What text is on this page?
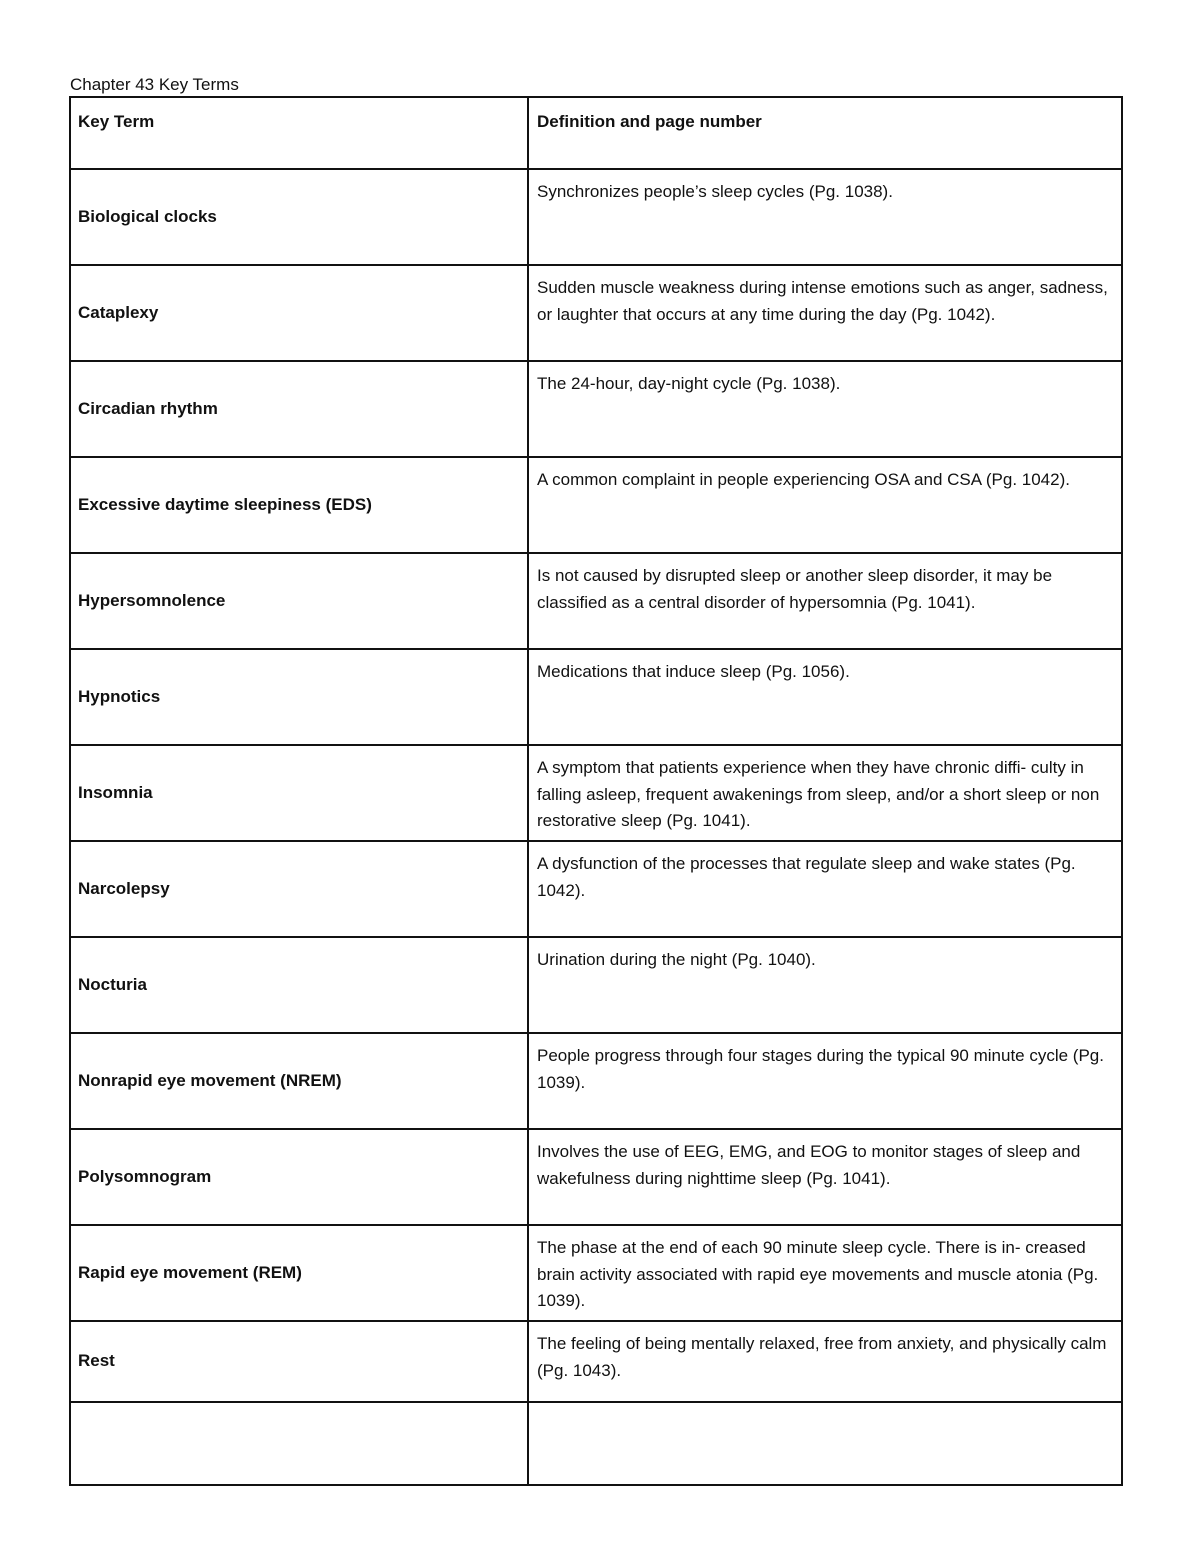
Chapter 43 Key Terms
Key Term	Definition and page number
Biological clocks	Synchronizes people’s sleep cycles (Pg. 1038).
Cataplexy	Sudden muscle weakness during intense emotions such as anger, sadness, or laughter that occurs at any time during the day (Pg. 1042).
Circadian rhythm	The 24-hour, day-night cycle (Pg. 1038).
Excessive daytime sleepiness (EDS)	A common complaint in people experiencing OSA and CSA (Pg. 1042).
Hypersomnolence	Is not caused by disrupted sleep or another sleep disorder, it may be classified as a central disorder of hypersomnia (Pg. 1041).
Hypnotics	Medications that induce sleep (Pg. 1056).
Insomnia	A symptom that patients experience when they have chronic diffi- culty in falling asleep, frequent awakenings from sleep, and/or a short sleep or non restorative sleep (Pg. 1041).
Narcolepsy	A dysfunction of the processes that regulate sleep and wake states (Pg. 1042).
Nocturia	Urination during the night (Pg. 1040).
Nonrapid eye movement (NREM)	People progress through four stages during the typical 90 minute cycle (Pg. 1039).
Polysomnogram	Involves the use of EEG, EMG, and EOG to monitor stages of sleep and wakefulness during nighttime sleep (Pg. 1041).
Rapid eye movement (REM)	The phase at the end of each 90 minute sleep cycle. There is in- creased brain activity associated with rapid eye movements and muscle atonia (Pg. 1039).
Rest	The feeling of being mentally relaxed, free from anxiety, and physically calm (Pg. 1043).
